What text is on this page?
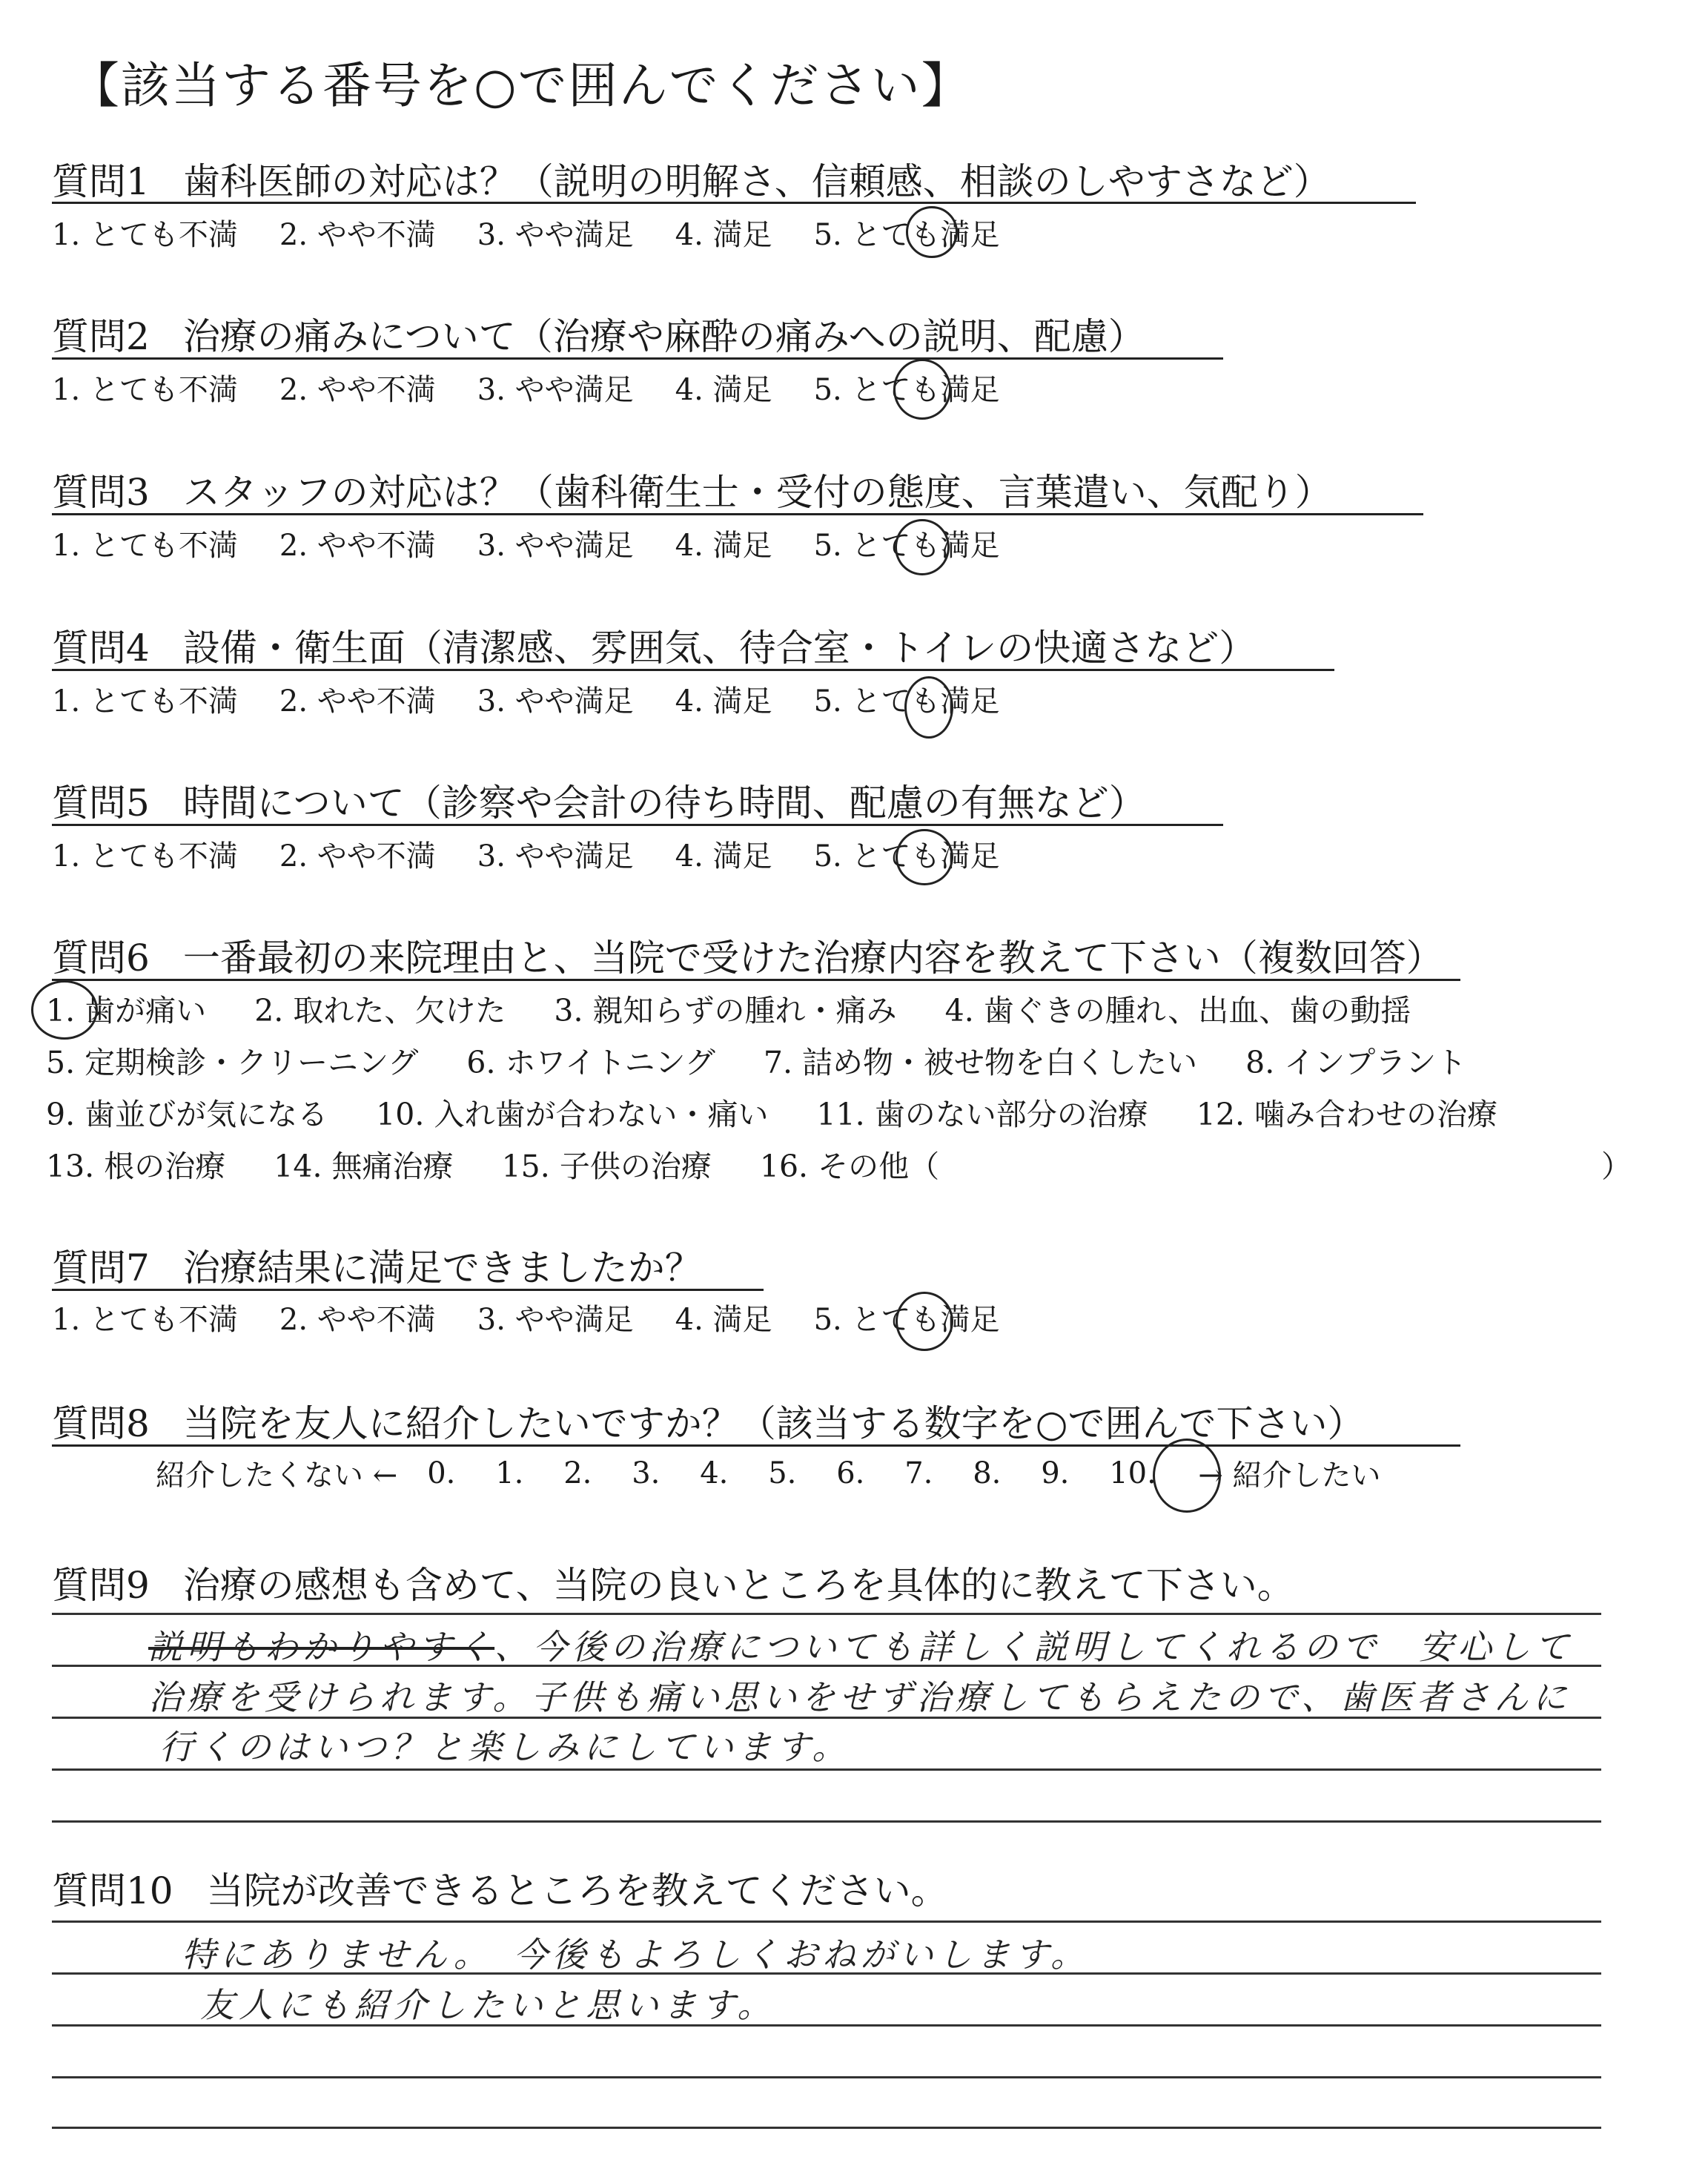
【該当する番号を○で囲んでください】
質問1 歯科医師の対応は？（説明の明解さ、信頼感、相談のしやすさなど）
1. とても不満 2. やや不満 3. やや満足 4. 満足 5. とても満足
質問2 治療の痛みについて（治療や麻酔の痛みへの説明、配慮）
1. とても不満 2. やや不満 3. やや満足 4. 満足 5. とても満足
質問3 スタッフの対応は？（歯科衛生士・受付の態度、言葉遣い、気配り）
1. とても不満 2. やや不満 3. やや満足 4. 満足 5. とても満足
質問4 設備・衛生面（清潔感、雰囲気、待合室・トイレの快適さなど）
1. とても不満 2. やや不満 3. やや満足 4. 満足 5. とても満足
質問5 時間について（診察や会計の待ち時間、配慮の有無など）
1. とても不満 2. やや不満 3. やや満足 4. 満足 5. とても満足
質問6 一番最初の来院理由と、当院で受けた治療内容を教えて下さい（複数回答）
1. 歯が痛い 2. 取れた、欠けた 3. 親知らずの腫れ・痛み 4. 歯ぐきの腫れ、出血、歯の動揺
5. 定期検診・クリーニング 6. ホワイトニング 7. 詰め物・被せ物を白くしたい 8. インプラント
9. 歯並びが気になる 10. 入れ歯が合わない・痛い 11. 歯のない部分の治療 12. 噛み合わせの治療
13. 根の治療 14. 無痛治療 15. 子供の治療 16. その他（	）
質問7 治療結果に満足できましたか？
1. とても不満 2. やや不満 3. やや満足 4. 満足 5. とても満足
質問8 当院を友人に紹介したいですか？（該当する数字を○で囲んで下さい）
紹介したくない ← 0.	1.	2.	3.	4.	5.	6.	7.	8.	9.	10.	→ 紹介したい
質問9 治療の感想も含めて、当院の良いところを具体的に教えて下さい。
説明もわかりやすく、今後の治療についても詳しく説明してくれるので　安心して
治療を受けられます。子供も痛い思いをせず治療してもらえたので、歯医者さんに
行くのはいつ？と楽しみにしています。
質問10 当院が改善できるところを教えてください。
特にありません。　今後もよろしくおねがいします。
友人にも紹介したいと思います。
